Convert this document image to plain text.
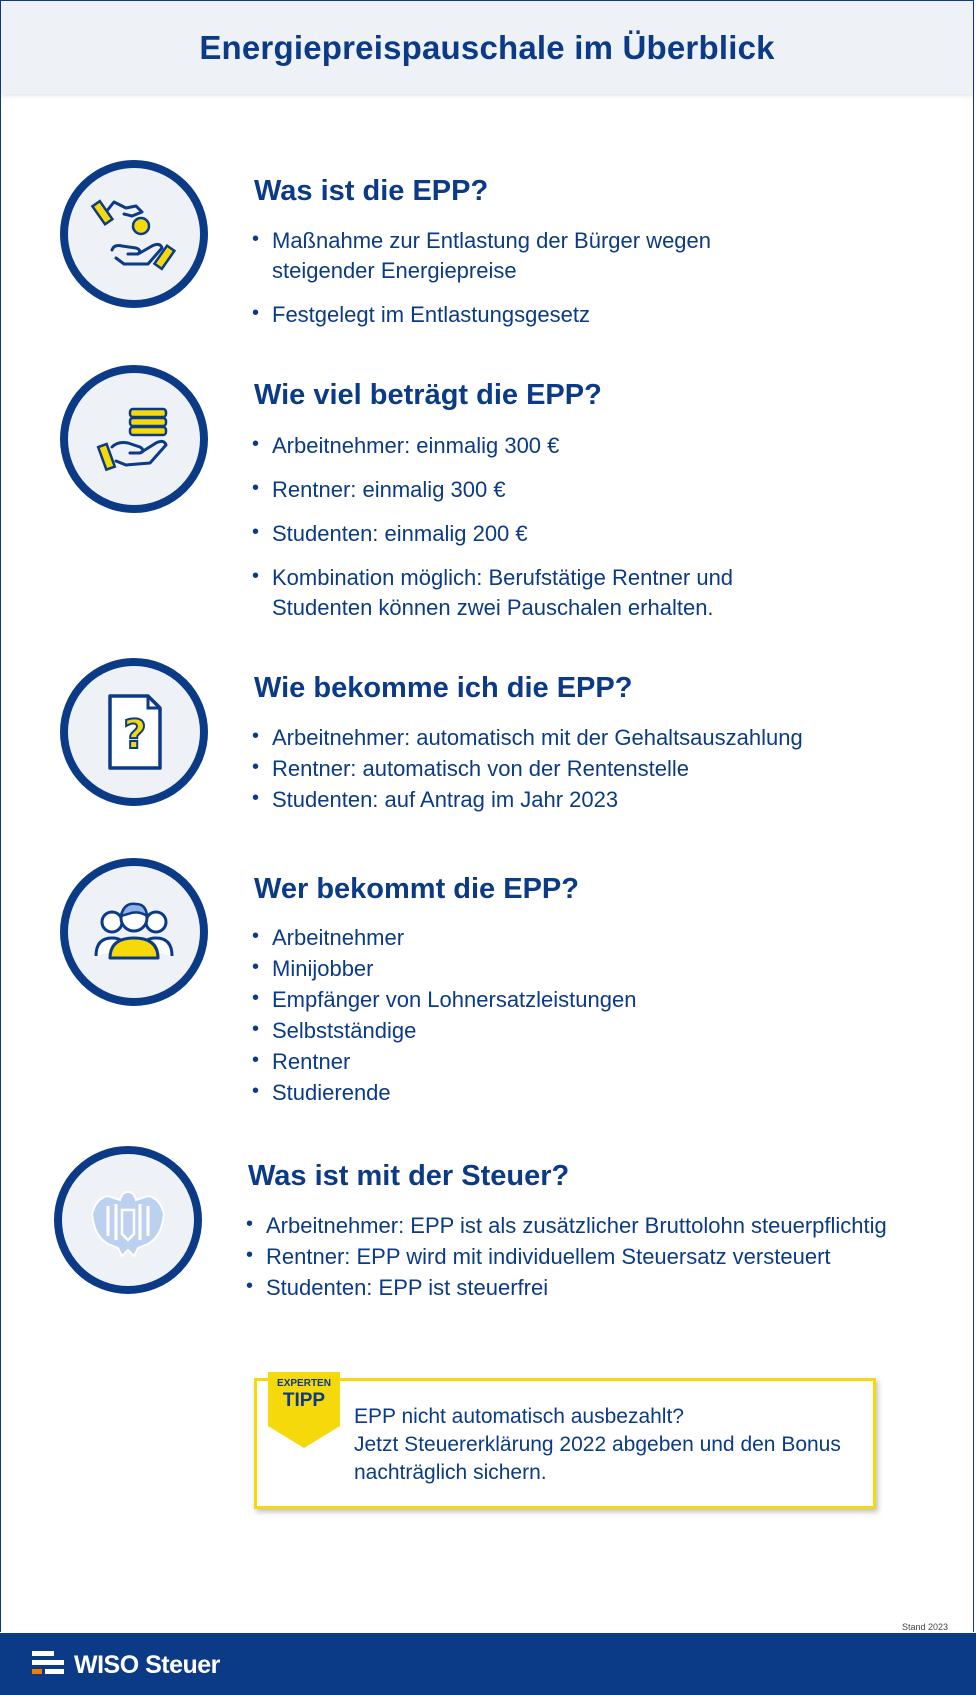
Energiepreispauschale im Überblick
Was ist die EPP?
• Maßnahme zur Entlastung der Bürger wegen
steigender Energiepreise
• Festgelegt im Entlastungsgesetz
Wie viel beträgt die EPP?
• Arbeitnehmer: einmalig 300 €
• Rentner: einmalig 300 €
• Studenten: einmalig 200 €
• Kombination möglich: Berufstätige Rentner und
Studenten können zwei Pauschalen erhalten.
?
Wie bekomme ich die EPP?
• Arbeitnehmer: automatisch mit der Gehaltsauszahlung
• Rentner: automatisch von der Rentenstelle
• Studenten: auf Antrag im Jahr 2023
Wer bekommt die EPP?
• Arbeitnehmer
• Minijobber
• Empfänger von Lohnersatzleistungen
• Selbstständige
• Rentner
• Studierende
Was ist mit der Steuer?
• Arbeitnehmer: EPP ist als zusätzlicher Bruttolohn steuerpflichtig
• Rentner: EPP wird mit individuellem Steuersatz versteuert
• Studenten: EPP ist steuerfrei
EXPERTEN
TIPP
EPP nicht automatisch ausbezahlt?
Jetzt Steuererklärung 2022 abgeben und den Bonus
nachträglich sichern.
Stand 2023
WISO Steuer
